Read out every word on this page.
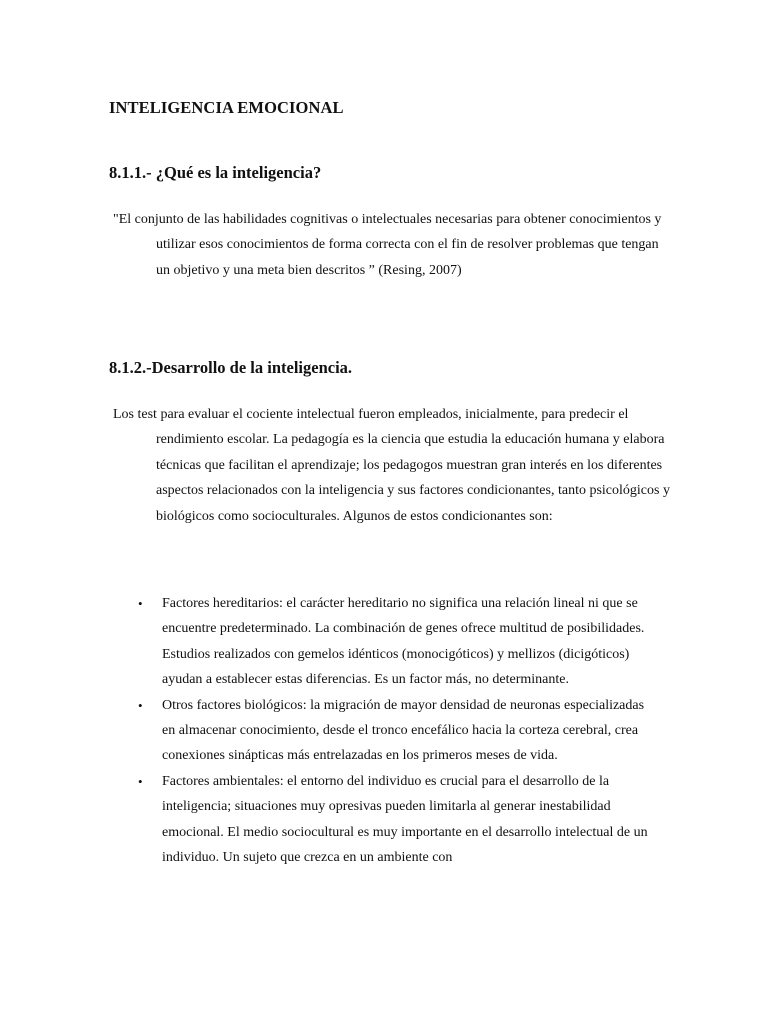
INTELIGENCIA EMOCIONAL
8.1.1.- ¿Qué es la inteligencia?

"El conjunto de las habilidades cognitivas o intelectuales necesarias para obtener conocimientos y utilizar esos conocimientos de forma correcta con el fin de resolver problemas que tengan un objetivo y una meta bien descritos ” (Resing, 2007)

8.1.2.-Desarrollo de la inteligencia.

Los test para evaluar el cociente intelectual fueron empleados, inicialmente, para predecir el rendimiento escolar. La pedagogía es la ciencia que estudia la educación humana y elabora técnicas que facilitan el aprendizaje; los pedagogos muestran gran interés en los diferentes aspectos relacionados con la inteligencia y sus factores condicionantes, tanto psicológicos y biológicos como socioculturales. Algunos de estos condicionantes son:

• Factores hereditarios: el carácter hereditario no significa una relación lineal ni que se encuentre predeterminado. La combinación de genes ofrece multitud de posibilidades. Estudios realizados con gemelos idénticos (monocigóticos) y mellizos (dicigóticos) ayudan a establecer estas diferencias. Es un factor más, no determinante.
• Otros factores biológicos: la migración de mayor densidad de neuronas especializadas en almacenar conocimiento, desde el tronco encefálico hacia la corteza cerebral, crea conexiones sinápticas más entrelazadas en los primeros meses de vida.
• Factores ambientales: el entorno del individuo es crucial para el desarrollo de la inteligencia; situaciones muy opresivas pueden limitarla al generar inestabilidad emocional. El medio sociocultural es muy importante en el desarrollo intelectual de un individuo. Un sujeto que crezca en un ambiente con
